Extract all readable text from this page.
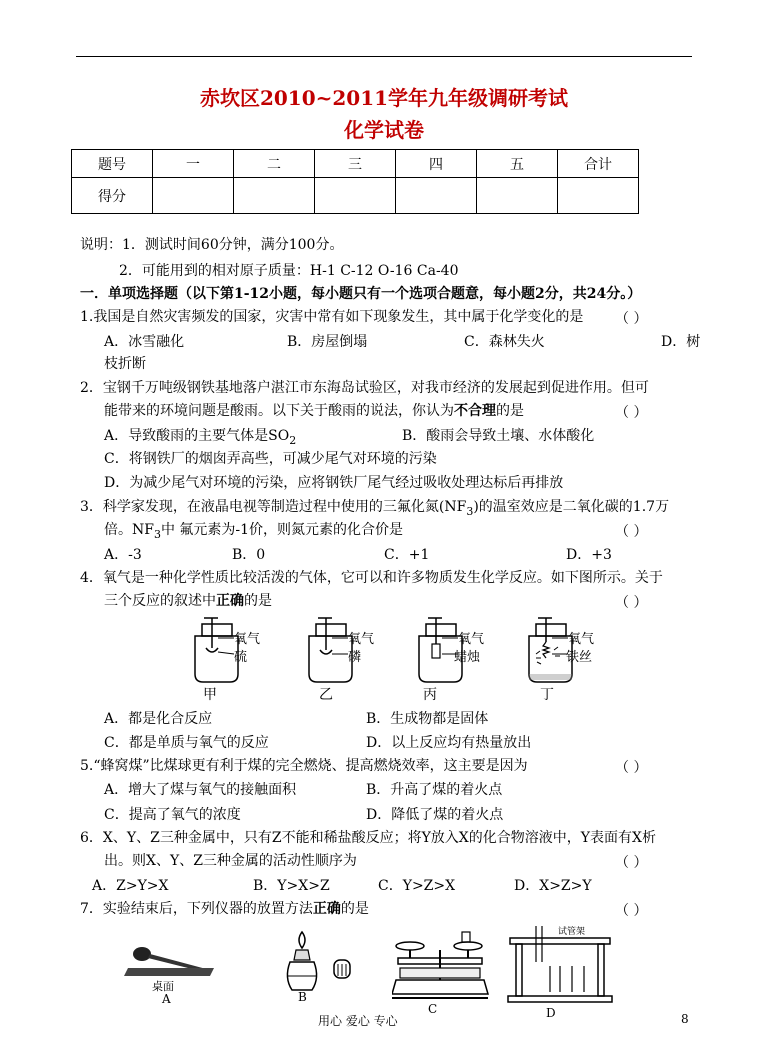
赤坎区2010~2011学年九年级调研考试
化学试卷
题号	一	二	三	四	五	合计
得分						
说明：1．测试时间60分钟，满分100分。
2．可能用到的相对原子质量：H-1 C-12 O-16 Ca-40
一．单项选择题（以下第1-12小题，每小题只有一个选项合题意，每小题2分，共24分。）
1.我国是自然灾害频发的国家，灾害中常有如下现象发生，其中属于化学变化的是 （ ）
A．冰雪融化	B．房屋倒塌	C．森林失火	D．树
枝折断
2．宝钢千万吨级钢铁基地落户湛江市东海岛试验区，对我市经济的发展起到促进作用。但可
能带来的环境问题是酸雨。以下关于酸雨的说法，你认为不合理的是	（ ）
A．导致酸雨的主要气体是$SO_2$	B．酸雨会导致土壤、水体酸化
C．将钢铁厂的烟囱弄高些，可减少尾气对环境的污染
D．为减少尾气对环境的污染，应将钢铁厂尾气经过吸收处理达标后再排放
3．科学家发现，在液晶电视等制造过程中使用的三氟化氮$(NF_3)$的温室效应是二氧化碳的1.7万
倍。$NF_3$中 氟元素为-1价，则氮元素的化合价是	（ ）
A．-3	B．0	C．+1	D．+3
4．氧气是一种化学性质比较活泼的气体，它可以和许多物质发生化学反应。如下图所示。关于
三个反应的叙述中正确的是	（ ）
氧气
硫
甲
氧气
磷
乙
氧气
蜡烛
丙
氧气
铁丝
丁
A．都是化合反应	B．生成物都是固体
C．都是单质与氧气的反应	D．以上反应均有热量放出
5.“蜂窝煤”比煤球更有利于煤的完全燃烧、提高燃烧效率，这主要是因为	（ ）
A．增大了煤与氧气的接触面积	B．升高了煤的着火点
C．提高了氧气的浓度	D．降低了煤的着火点
6．X、Y、Z三种金属中，只有Z不能和稀盐酸反应；将Y放入X的化合物溶液中，Y表面有X析
出。则X、Y、Z三种金属的活动性顺序为	（ ）
A．Z>Y>X	B．Y>X>Z	C．Y>Z>X	D．X>Z>Y
7．实验结束后，下列仪器的放置方法正确的是	（ ）
桌面
A	B
C
试管架
D
用心 爱心 专心	8
